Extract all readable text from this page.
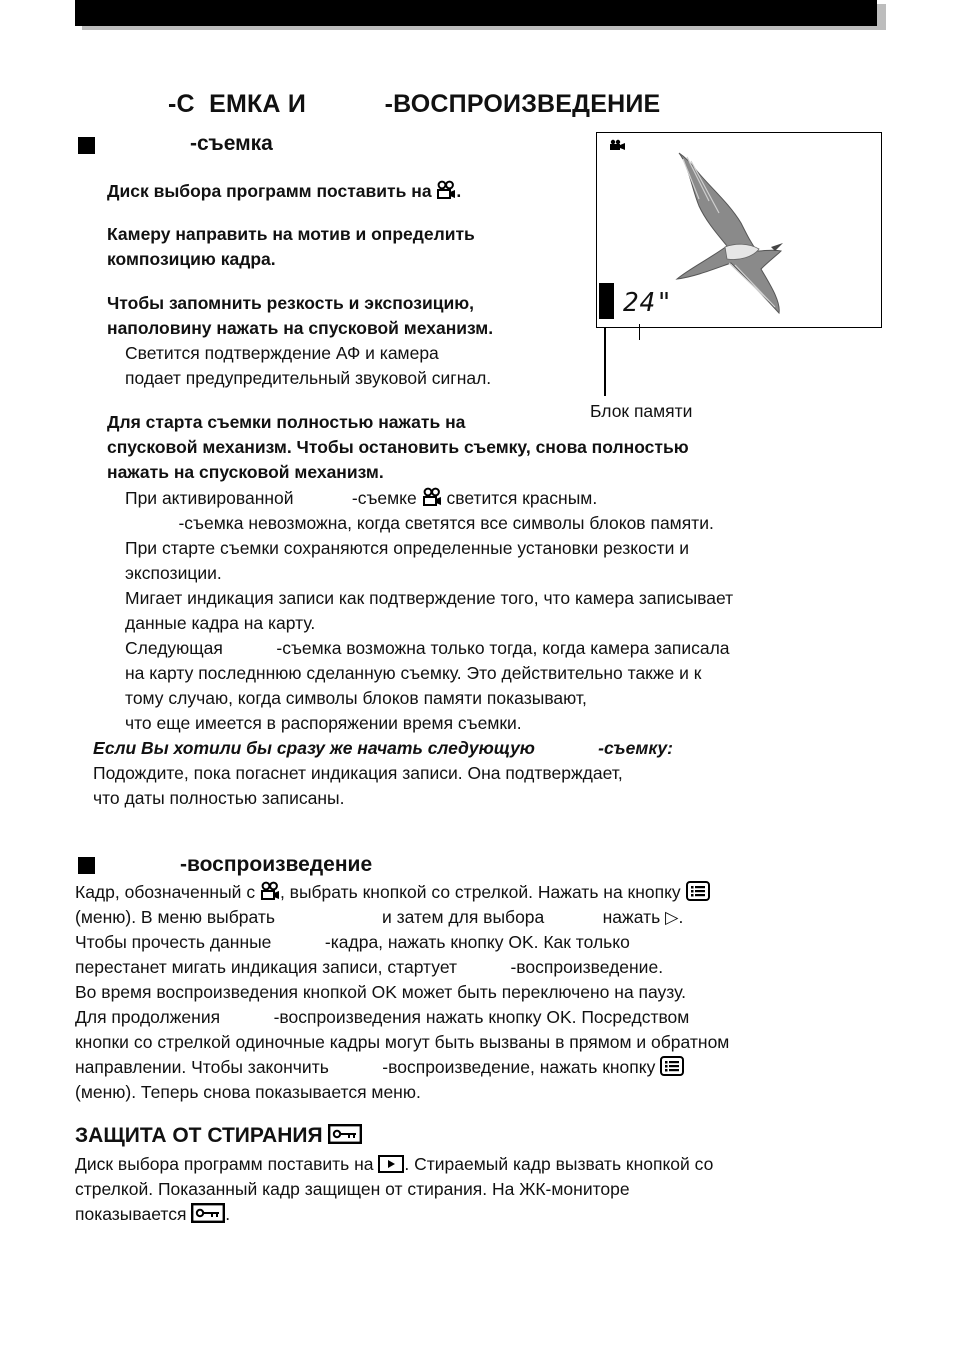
-С  ЕМКА И           -ВОСПРОИЗВЕДЕНИЕ
-съемка
Диск выбора программ поставить на .
Камеру направить на мотив и определить
композицию кадра.
Чтобы запомнить резкость и экспозицию,
наполовину нажать на спусковой механизм.
Светится подтверждение АФ и камера
подает предупредительный звуковой сигнал.
Для старта съемки полностью нажать на
спусковой механизм. Чтобы остановить съемку, снова полностью
нажать на спусковой механизм.
При активированной            -съемке  светится красным.
-съемка невозможна, когда светятся все символы блоков памяти.
При старте съемки сохраняются определенные установки резкости и
экспозиции.
Мигает индикация записи как подтверждение того, что камера записывает
данные кадра на карту.
Следующая           -съемка возможна только тогда, когда камера записала
на карту последннюю сделанную съемку. Это действительно также и к
тому случаю, когда символы блоков памяти показывают,
что еще имеется в распоряжении время съемки.
Если Вы хотили бы сразу же начать следующую             -съемку:
Подождите, пока погаснет индикация записи. Она подтверждает,
что даты полностью записаны.
24"
Блок памяти
-воспроизведение
Кадр, обозначенный с , выбрать кнопкой со стрелкой. Нажать на кнопку
(меню). В меню выбрать                      и затем для выбора            нажать ▷.
Чтобы прочесть данные           -кадра, нажать кнопку OK. Как только
перестанет мигать индикация записи, стартует           -воспроизведение.
Во время воспроизведения кнопкой OK может быть переключено на паузу.
Для продолжения           -воспроизведения нажать кнопку OK. Посредством
кнопки со стрелкой одиночные кадры могут быть вызваны в прямом и обратном
направлении. Чтобы закончить           -воспроизведение, нажать кнопку
(меню). Теперь снова показывается меню.
ЗАЩИТА ОТ СТИРАНИЯ
Диск выбора программ поставить на . Стираемый кадр вызвать кнопкой со
стрелкой. Показанный кадр защищен от стирания. На ЖК-мониторе
показывается .
